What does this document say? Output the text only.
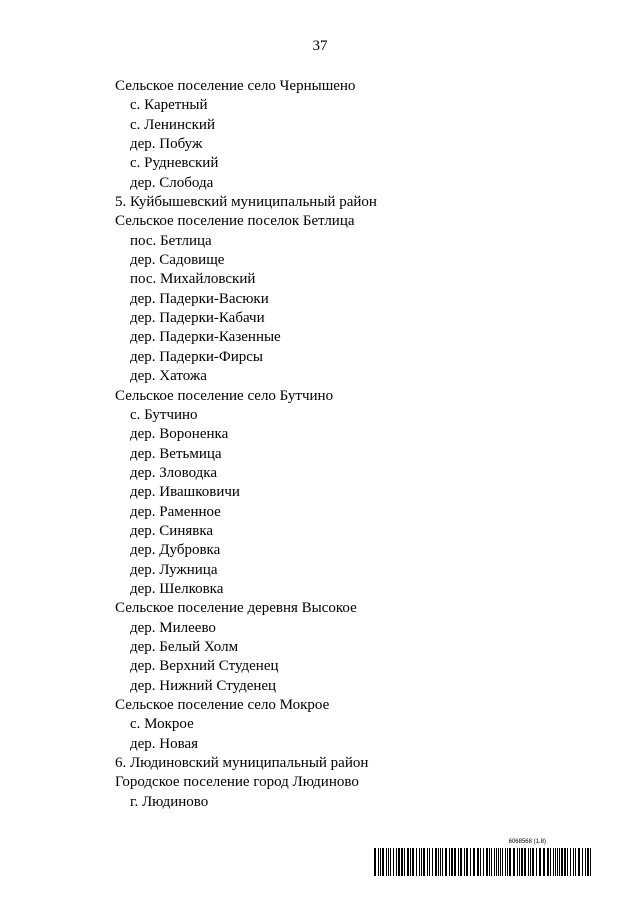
37
Сельское поселение село Чернышено
с. Каретный
с. Ленинский
дер. Побуж
с. Рудневский
дер. Слобода
5. Куйбышевский муниципальный район
Сельское поселение поселок Бетлица
пос. Бетлица
дер. Садовище
пос. Михайловский
дер. Падерки-Васюки
дер. Падерки-Кабачи
дер. Падерки-Казенные
дер. Падерки-Фирсы
дер. Хатожа
Сельское поселение село Бутчино
с. Бутчино
дер. Вороненка
дер. Ветьмица
дер. Зловодка
дер. Ивашковичи
дер. Раменное
дер. Синявка
дер. Дубровка
дер. Лужница
дер. Шелковка
Сельское поселение деревня Высокое
дер. Милеево
дер. Белый Холм
дер. Верхний Студенец
дер. Нижний Студенец
Сельское поселение село Мокрое
с. Мокрое
дер. Новая
6. Людиновский муниципальный район
Городское поселение город Людиново
г. Людиново
6068568 (1.8)
